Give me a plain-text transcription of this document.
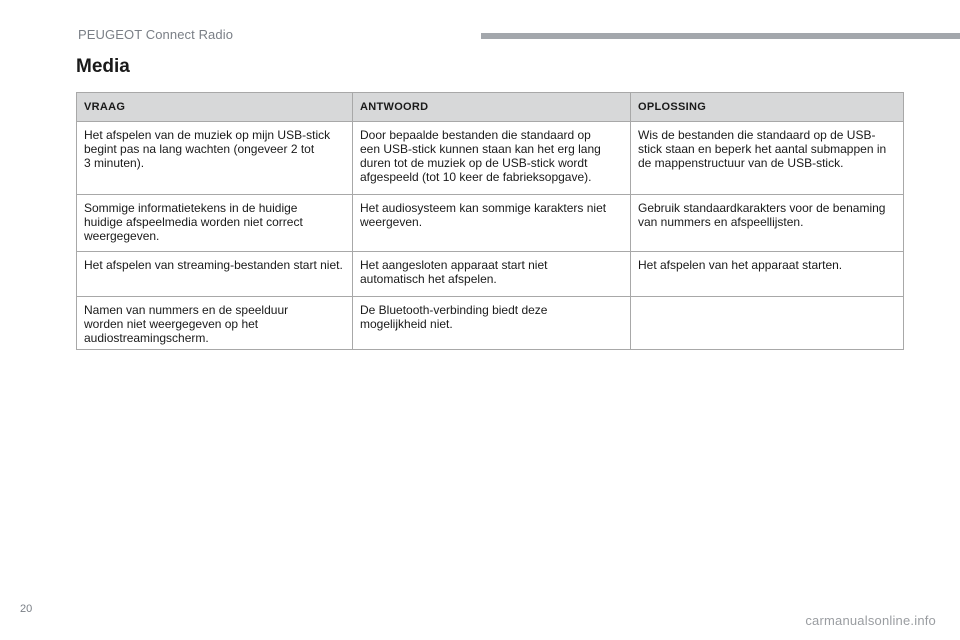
PEUGEOT Connect Radio
Media
VRAAG	ANTWOORD	OPLOSSING
Het afspelen van de muziek op mijn USB-stick
begint pas na lang wachten (ongeveer 2 tot
3 minuten).	Door bepaalde bestanden die standaard op
een USB-stick kunnen staan kan het erg lang
duren tot de muziek op de USB-stick wordt
afgespeeld (tot 10 keer de fabrieksopgave).	Wis de bestanden die standaard op de USB-
stick staan en beperk het aantal submappen in
de mappenstructuur van de USB-stick.
Sommige informatietekens in de huidige
huidige afspeelmedia worden niet correct
weergegeven.	Het audiosysteem kan sommige karakters niet
weergeven.	Gebruik standaardkarakters voor de benaming
van nummers en afspeellijsten.
Het afspelen van streaming-bestanden start niet.	Het aangesloten apparaat start niet
automatisch het afspelen.	Het afspelen van het apparaat starten.
Namen van nummers en de speelduur
worden niet weergegeven op het
audiostreamingscherm.	De Bluetooth-verbinding biedt deze
mogelijkheid niet.	
20
carmanualsonline.info
